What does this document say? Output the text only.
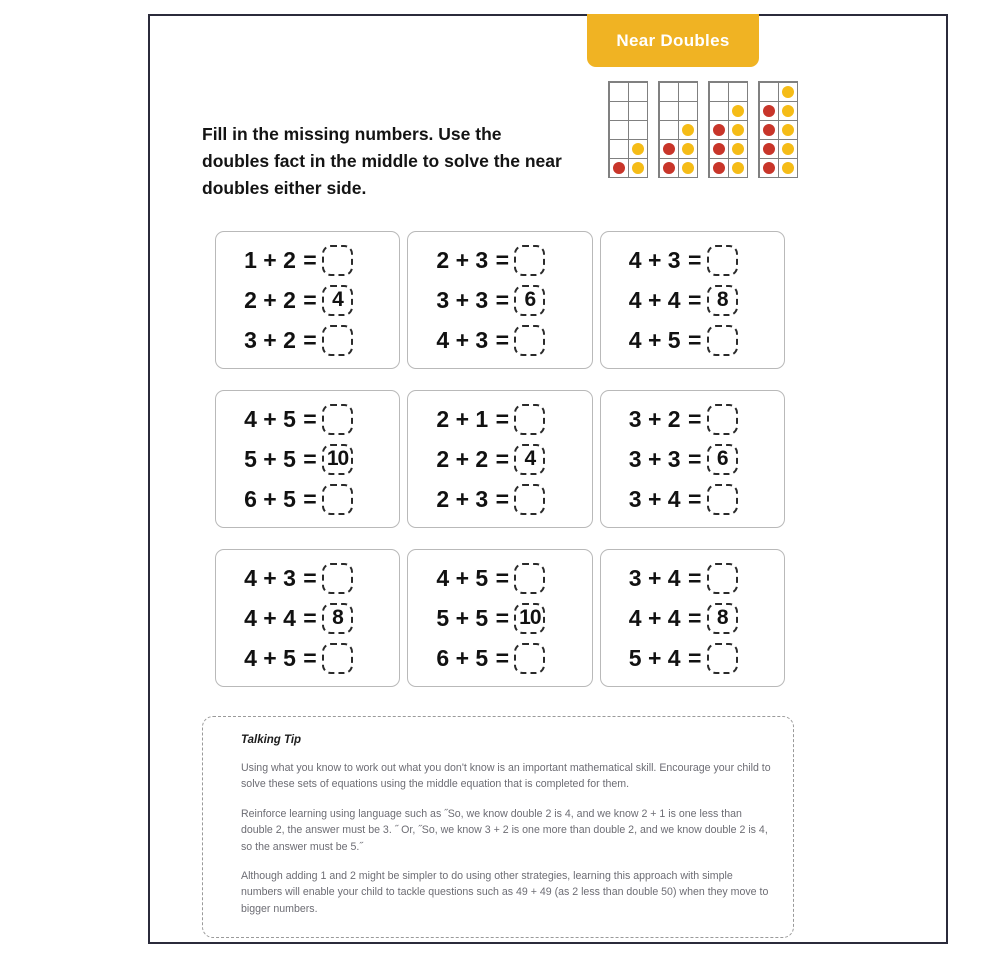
Near Doubles
Fill in the missing numbers. Use the doubles fact in the middle to solve the near doubles either side.
1 + 2 =
2 + 2 = 4
3 + 2 =
2 + 3 =
3 + 3 = 6
4 + 3 =
4 + 3 =
4 + 4 = 8
4 + 5 =
4 + 5 =
5 + 5 = 10
6 + 5 =
2 + 1 =
2 + 2 = 4
2 + 3 =
3 + 2 =
3 + 3 = 6
3 + 4 =
4 + 3 =
4 + 4 = 8
4 + 5 =
4 + 5 =
5 + 5 = 10
6 + 5 =
3 + 4 =
4 + 4 = 8
5 + 4 =
Talking Tip

Using what you know to work out what you don't know is an important mathematical skill. Encourage your child to solve these sets of equations using the middle equation that is completed for them.

Reinforce learning using language such as ˝So, we know double 2 is 4, and we know 2 + 1 is one less than double 2, the answer must be 3. ˝ Or, ˝So, we know 3 + 2 is one more than double 2, and we know double 2 is 4, so the answer must be 5.˝

Although adding 1 and 2 might be simpler to do using other strategies, learning this approach with simple numbers will enable your child to tackle questions such as 49 + 49 (as 2 less than double 50) when they move to bigger numbers.
